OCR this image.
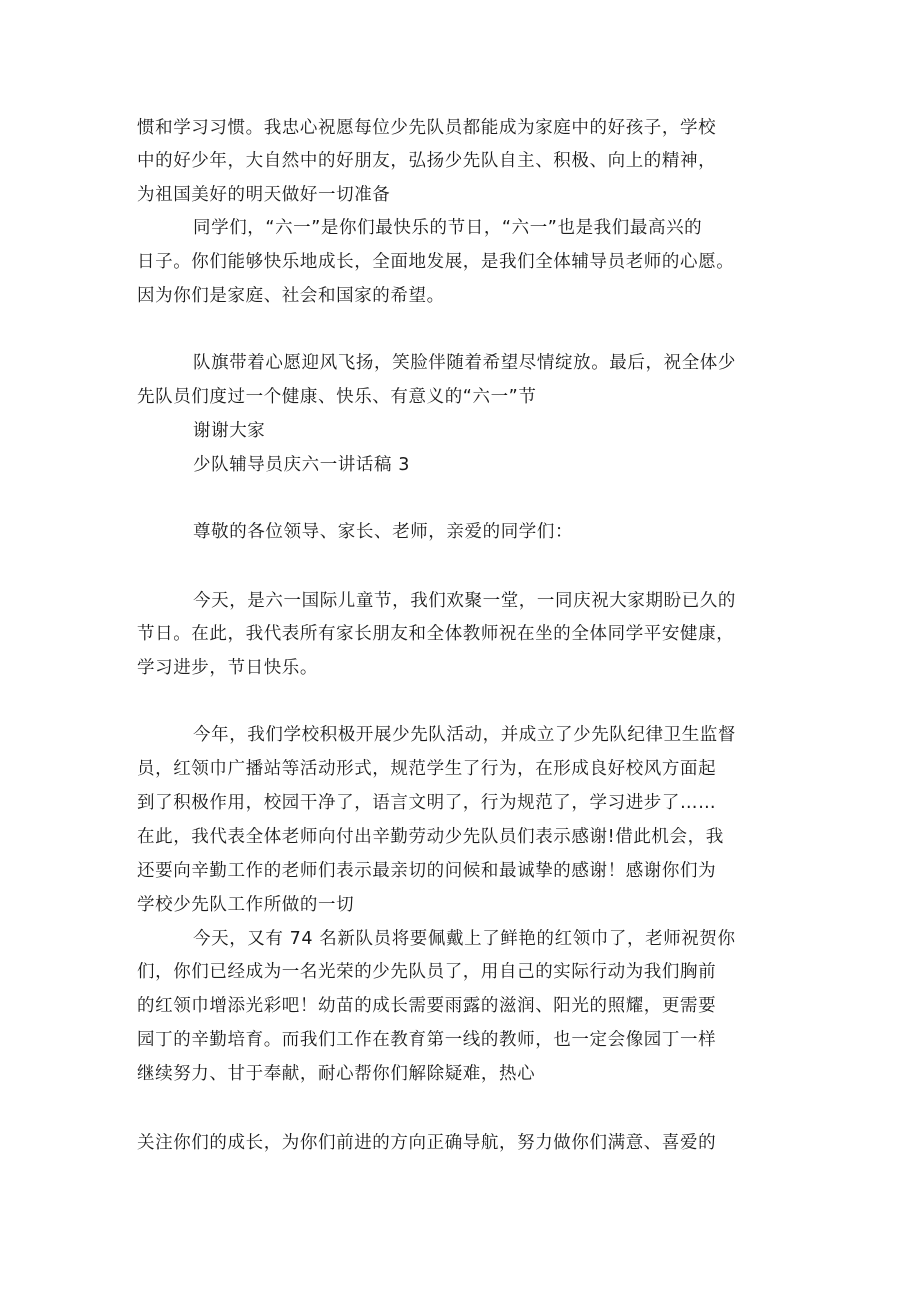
惯和学习习惯。我忠心祝愿每位少先队员都能成为家庭中的好孩子，学校
中的好少年，大自然中的好朋友，弘扬少先队自主、积极、向上的精神，
为祖国美好的明天做好一切准备
同学们，“六一”是你们最快乐的节日，“六一”也是我们最高兴的
日子。你们能够快乐地成长，全面地发展，是我们全体辅导员老师的心愿。
因为你们是家庭、社会和国家的希望。
队旗带着心愿迎风飞扬，笑脸伴随着希望尽情绽放。最后，祝全体少
先队员们度过一个健康、快乐、有意义的“六一”节
谢谢大家
少队辅导员庆六一讲话稿 3
尊敬的各位领导、家长、老师，亲爱的同学们：
今天，是六一国际儿童节，我们欢聚一堂，一同庆祝大家期盼已久的
节日。在此，我代表所有家长朋友和全体教师祝在坐的全体同学平安健康，
学习进步，节日快乐。
今年，我们学校积极开展少先队活动，并成立了少先队纪律卫生监督
员，红领巾广播站等活动形式，规范学生了行为，在形成良好校风方面起
到了积极作用，校园干净了，语言文明了，行为规范了，学习进步了……
在此，我代表全体老师向付出辛勤劳动少先队员们表示感谢!借此机会，我
还要向辛勤工作的老师们表示最亲切的问候和最诚挚的感谢！感谢你们为
学校少先队工作所做的一切
今天，又有 74 名新队员将要佩戴上了鲜艳的红领巾了，老师祝贺你
们，你们已经成为一名光荣的少先队员了，用自己的实际行动为我们胸前
的红领巾增添光彩吧！幼苗的成长需要雨露的滋润、阳光的照耀，更需要
园丁的辛勤培育。而我们工作在教育第一线的教师，也一定会像园丁一样
继续努力、甘于奉献，耐心帮你们解除疑难，热心
关注你们的成长，为你们前进的方向正确导航，努力做你们满意、喜爱的
